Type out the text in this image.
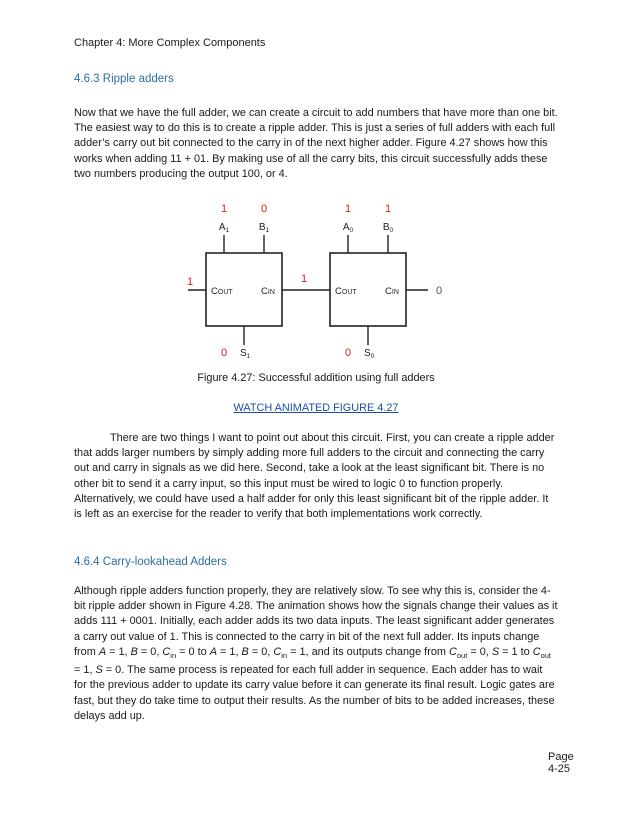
Chapter 4: More Complex Components
4.6.3 Ripple adders

Now that we have the full adder, we can create a circuit to add numbers that have more than one bit. The easiest way to do this is to create a ripple adder. This is just a series of full adders with each full adder’s carry out bit connected to the carry in of the next higher adder. Figure 4.27 shows how this works when adding 11 + 01. By making use of all the carry bits, this circuit successfully adds these two numbers producing the output 100, or 4.

1	0	1	1
$A_1$	$B_1$	$A_0$	$B_0$
COUT	CIN	COUT	CIN
1	1
0
0 $S_1$	0 $S_0$
Figure 4.27: Successful addition using full adders
WATCH ANIMATED FIGURE 4.27

There are two things I want to point out about this circuit. First, you can create a ripple adder that adds larger numbers by simply adding more full adders to the circuit and connecting the carry out and carry in signals as we did here. Second, take a look at the least significant bit. There is no other bit to send it a carry input, so this input must be wired to logic 0 to function properly. Alternatively, we could have used a half adder for only this least significant bit of the ripple adder. It is left as an exercise for the reader to verify that both implementations work correctly.

4.6.4 Carry-lookahead Adders

Although ripple adders function properly, they are relatively slow. To see why this is, consider the 4-bit ripple adder shown in Figure 4.28. The animation shows how the signals change their values as it adds 111 + 0001. Initially, each adder adds its two data inputs. The least significant adder generates a carry out value of 1. This is connected to the carry in bit of the next full adder. Its inputs change from A = 1, B = 0, $C_{in} = 0$ to A = 1, B = 0, $C_{in} = 1$, and its outputs change from $C_{out} = 0$, S = 1 to $C_{out} = 1$, S = 0. The same process is repeated for each full adder in sequence. Each adder has to wait for the previous adder to update its carry value before it can generate its final result. Logic gates are fast, but they do take time to output their results. As the number of bits to be added increases, these delays add up.

Page 4-25
